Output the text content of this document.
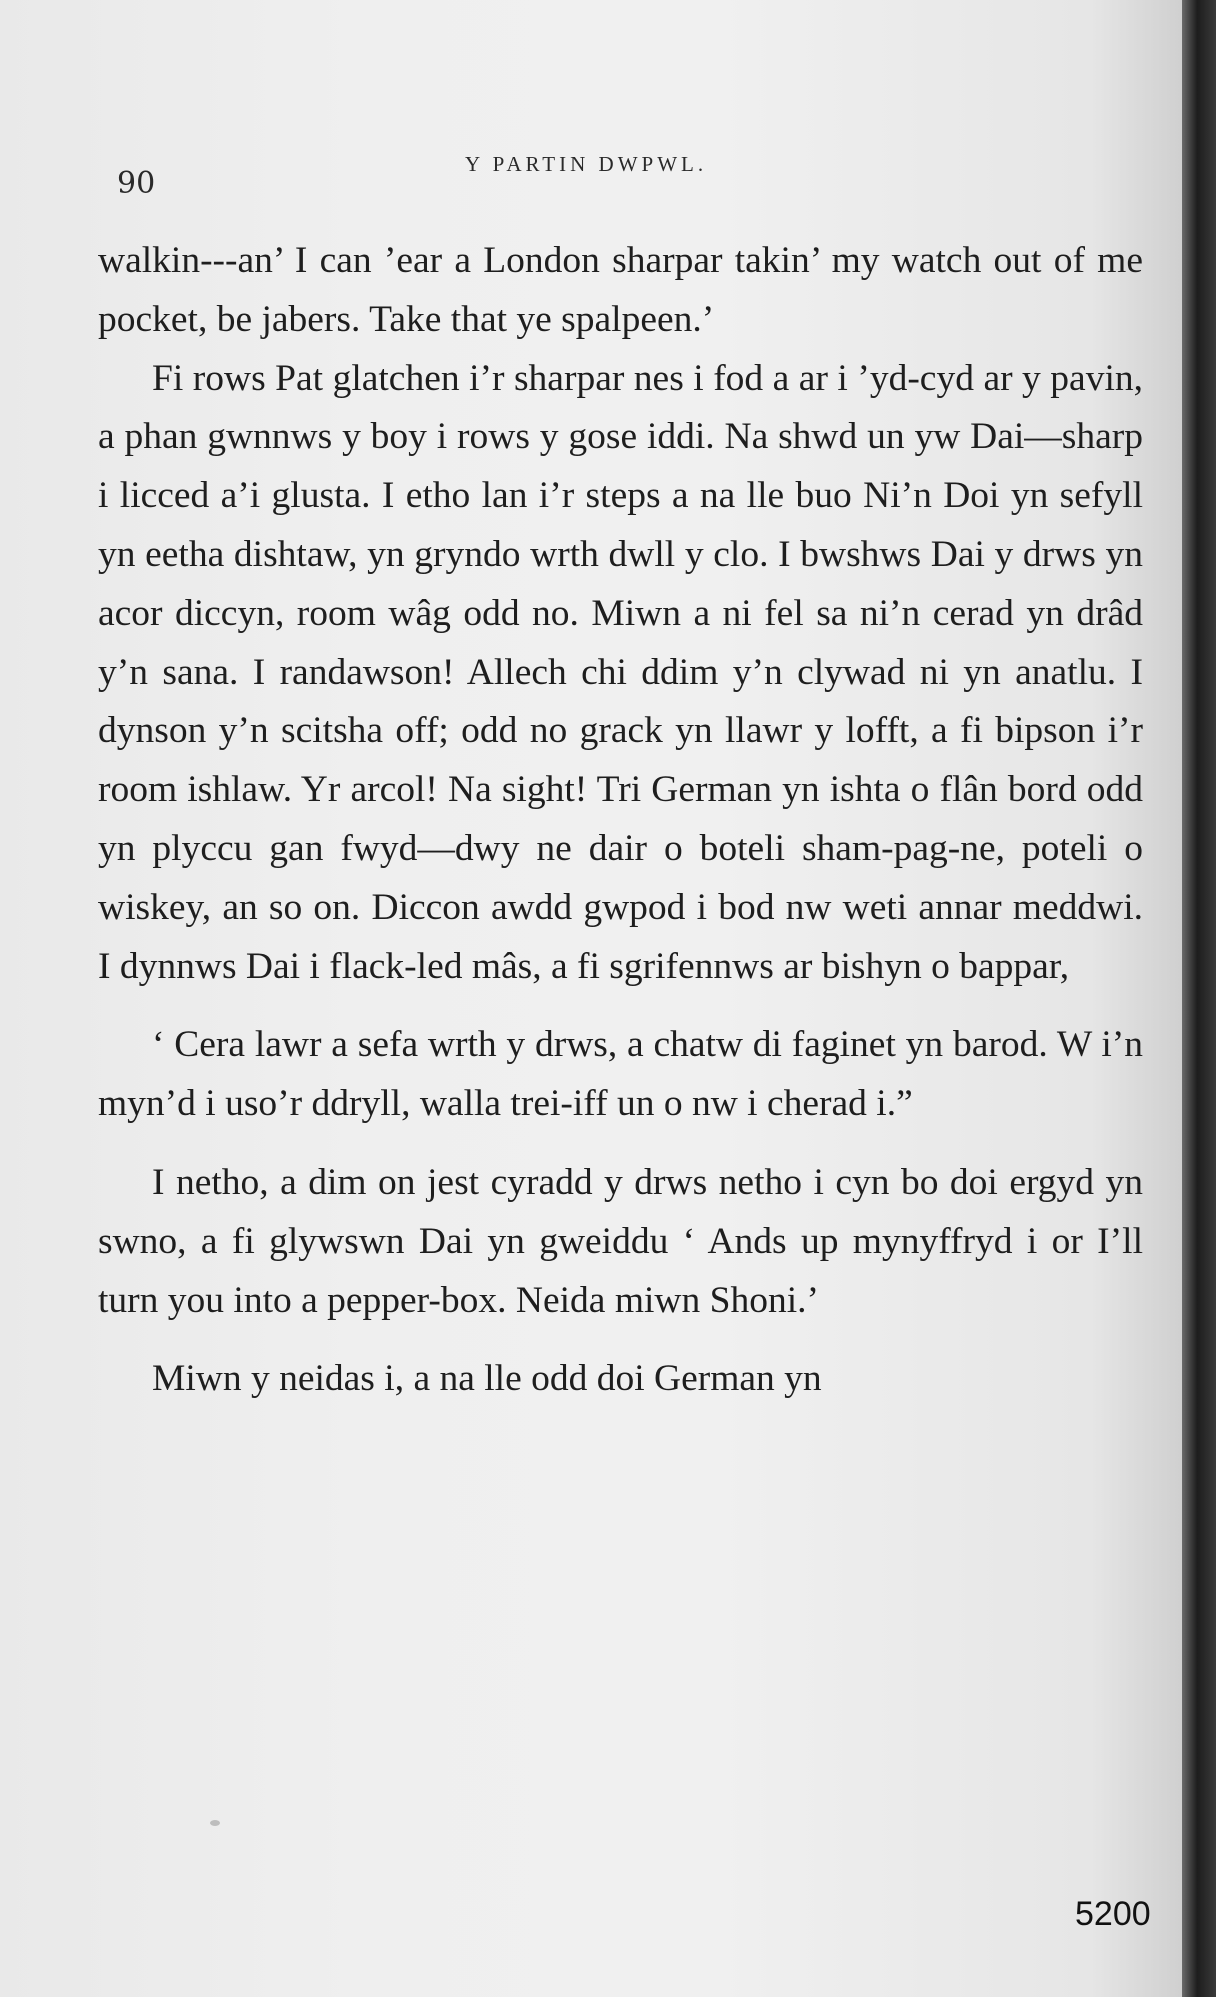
90
Y PARTIN DWPWL.

walkin---an’ I can ’ear a London sharpar takin’ my watch out of me pocket, be jabers. Take that ye spalpeen.’

Fi rows Pat glatchen i’r sharpar nes i fod a ar i ’yd-cyd ar y pavin, a phan gwnnws y boy i rows y gose iddi. Na shwd un yw Dai—sharp i licced a’i glusta. I etho lan i’r steps a na lle buo Ni’n Doi yn sefyll yn eetha dishtaw, yn gryndo wrth dwll y clo. I bwshws Dai y drws yn acor diccyn, room wâg odd no. Miwn a ni fel sa ni’n cerad yn drâd y’n sana. I randawson! Allech chi ddim y’n clywad ni yn anatlu. I dynson y’n scitsha off; odd no grack yn llawr y lofft, a fi bipson i’r room ishlaw. Yr arcol! Na sight! Tri German yn ishta o flân bord odd yn plyccu gan fwyd—dwy ne dair o boteli sham-pag-ne, poteli o wiskey, an so on. Diccon awdd gwpod i bod nw weti annar meddwi. I dynnws Dai i flack-led mâs, a fi sgrifennws ar bishyn o bappar,

‘ Cera lawr a sefa wrth y drws, a chatw di faginet yn barod. W i’n myn’d i uso’r ddryll, walla trei-iff un o nw i cherad i.”

I netho, a dim on jest cyradd y drws netho i cyn bo doi ergyd yn swno, a fi glywswn Dai yn gweiddu ‘ Ands up mynyffryd i or I’ll turn you into a pepper-box. Neida miwn Shoni.’

Miwn y neidas i, a na lle odd doi German yn

5200
